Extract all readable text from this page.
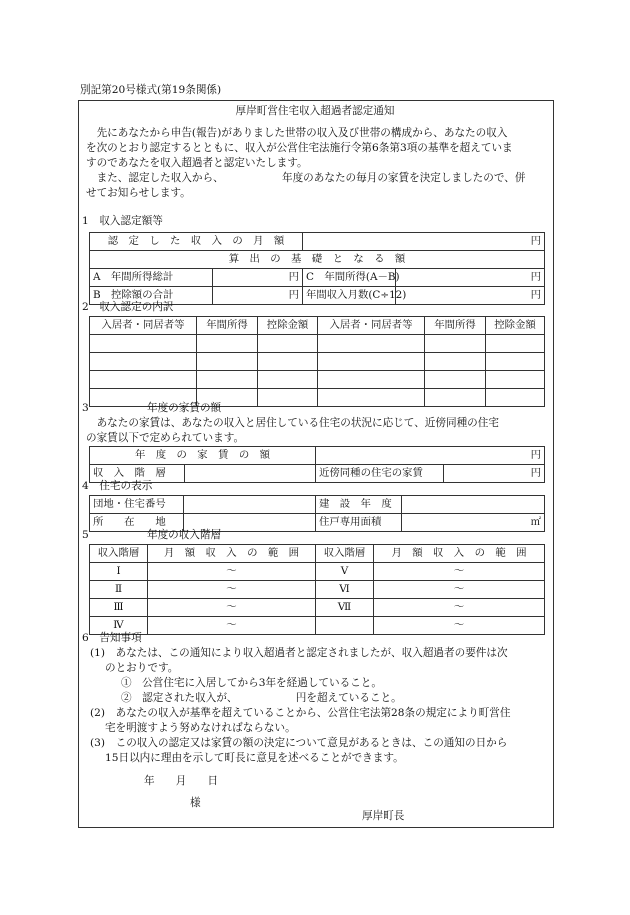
別記第20号様式(第19条関係)
厚岸町営住宅収入超過者認定通知

先にあなたから申告(報告)がありました世帯の収入及び世帯の構成から、あなたの収入

を次のとおり認定するとともに、収入が公営住宅法施行令第6条第3項の基準を超えていま

すのであなたを収入超過者と認定いたします。

また、認定した収入から、　　　　　　年度のあなたの毎月の家賃を決定しましたので、併

せてお知らせします。

1　収入認定額等
認　定　し　た　収　入　の　月　額		円	
算　出　の　基　礎　と　な　る　額			
A　年間所得総計	円	C　年間所得(A－B)	円
B　控除額の合計	円	年間収入月数(C÷12)	円
2　収入認定の内訳
入居者・同居者等	年間所得	控除金額	入居者・同居者等	年間所得	控除金額

3	年度の家賃の額

あなたの家賃は、あなたの収入と居住している住宅の状況に応じて、近傍同種の住宅

の家賃以下で定められています。

年　度　の　家　賃　の　額		円	
収　入　階　層		近傍同種の住宅の家賃	円
4　住宅の表示
団地・住宅番号		建　設　年　度	
所　　在　　地		住戸専用面積	㎡
5	年度の収入階層
収入階層	月　額　収　入　の　範　囲	収入階層	月　額　収　入　の　範　囲
Ⅰ	～	Ⅴ	～
Ⅱ	～	Ⅵ	～
Ⅲ	～	Ⅶ	～
Ⅳ	～		～
6　告知事項
(1)　あなたは、この通知により収入超過者と認定されましたが、収入超過者の要件は次
のとおりです。
①　公営住宅に入居してから3年を経過していること。
②　認定された収入が、　　　　　　円を超えていること。
(2)　あなたの収入が基準を超えていることから、公営住宅法第28条の規定により町営住
宅を明渡すよう努めなければならない。
(3)　この収入の認定又は家賃の額の決定について意見があるときは、この通知の日から
15日以内に理由を示して町長に意見を述べることができます。
年　　月　　日
様
厚岸町長
